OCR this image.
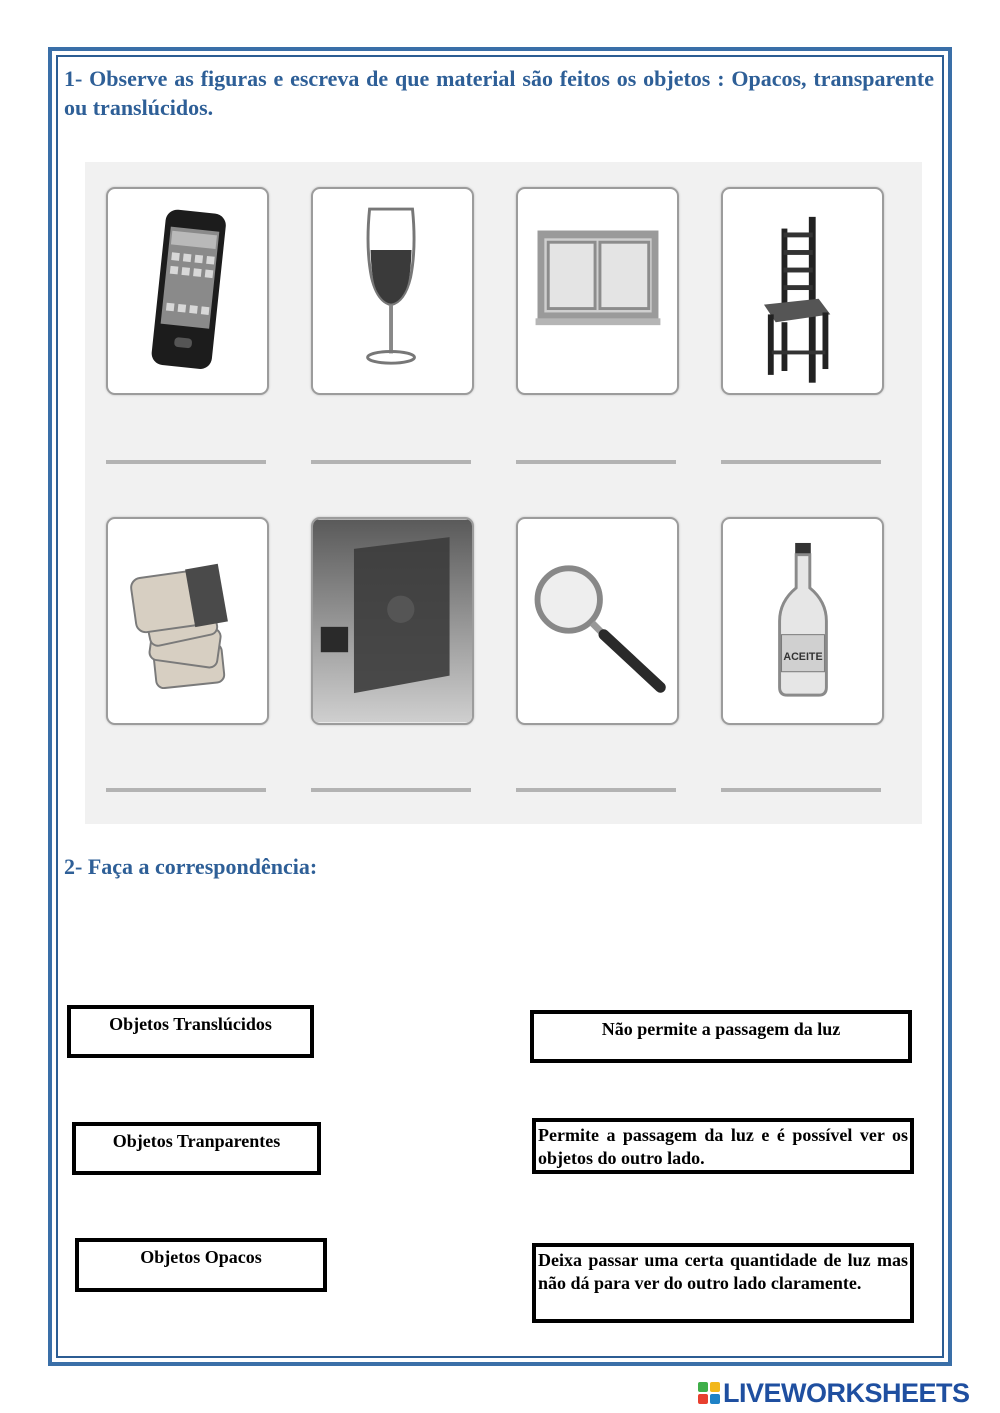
1- Observe as figuras e escreva de que material são feitos os objetos : Opacos, transparente ou translúcidos.
ACEITE
2- Faça a correspondência:
Objetos Translúcidos
Objetos Tranparentes
Objetos Opacos
Não permite a passagem da luz
Permite a passagem da luz e é possível ver os objetos do outro lado.
Deixa passar uma certa quantidade de luz mas não dá para ver do outro lado claramente.
LIVEWORKSHEETS
